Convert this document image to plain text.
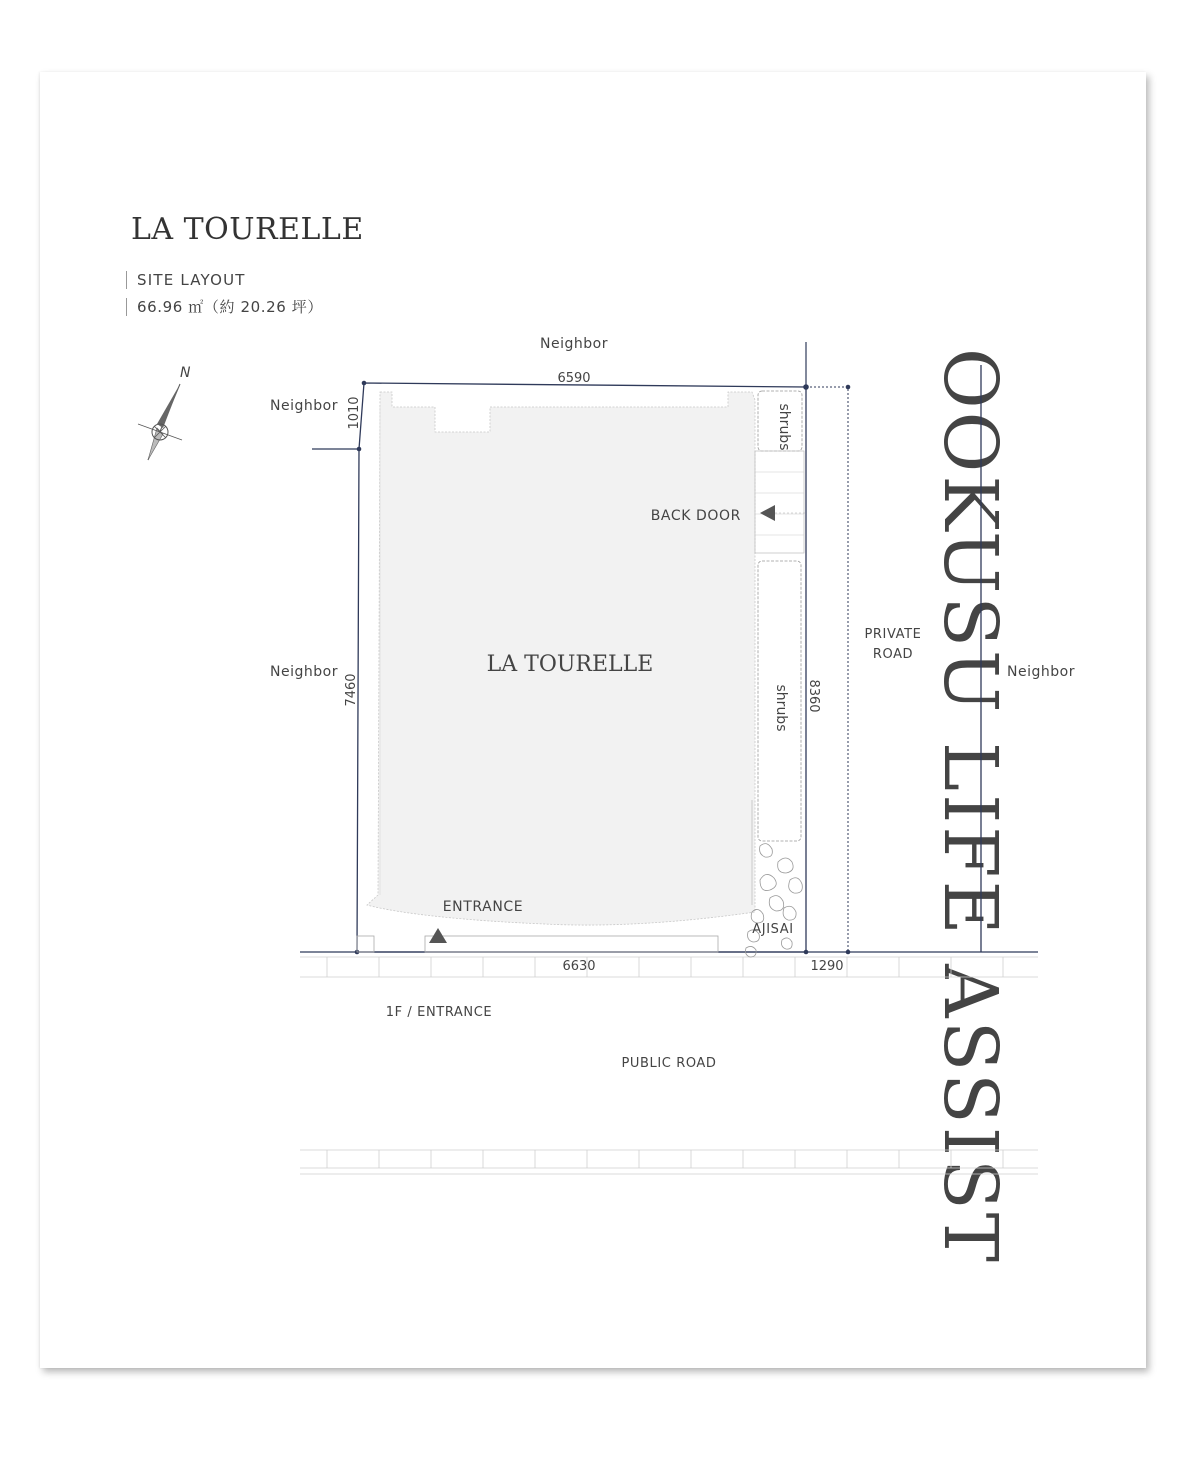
LA TOURELLE
SITE LAYOUT
66.96 ㎡（約 20.26 坪）
OOKUSU LIFE ASSIST
N
Neighbor
Neighbor
Neighbor	Neighbor
LA TOURELLE
BACK DOOR
ENTRANCE
AJISAI
shrubs
shrubs
PRIVATE
ROAD
1F / ENTRANCE
PUBLIC ROAD
6590
1010
7460	8360
6630	1290
